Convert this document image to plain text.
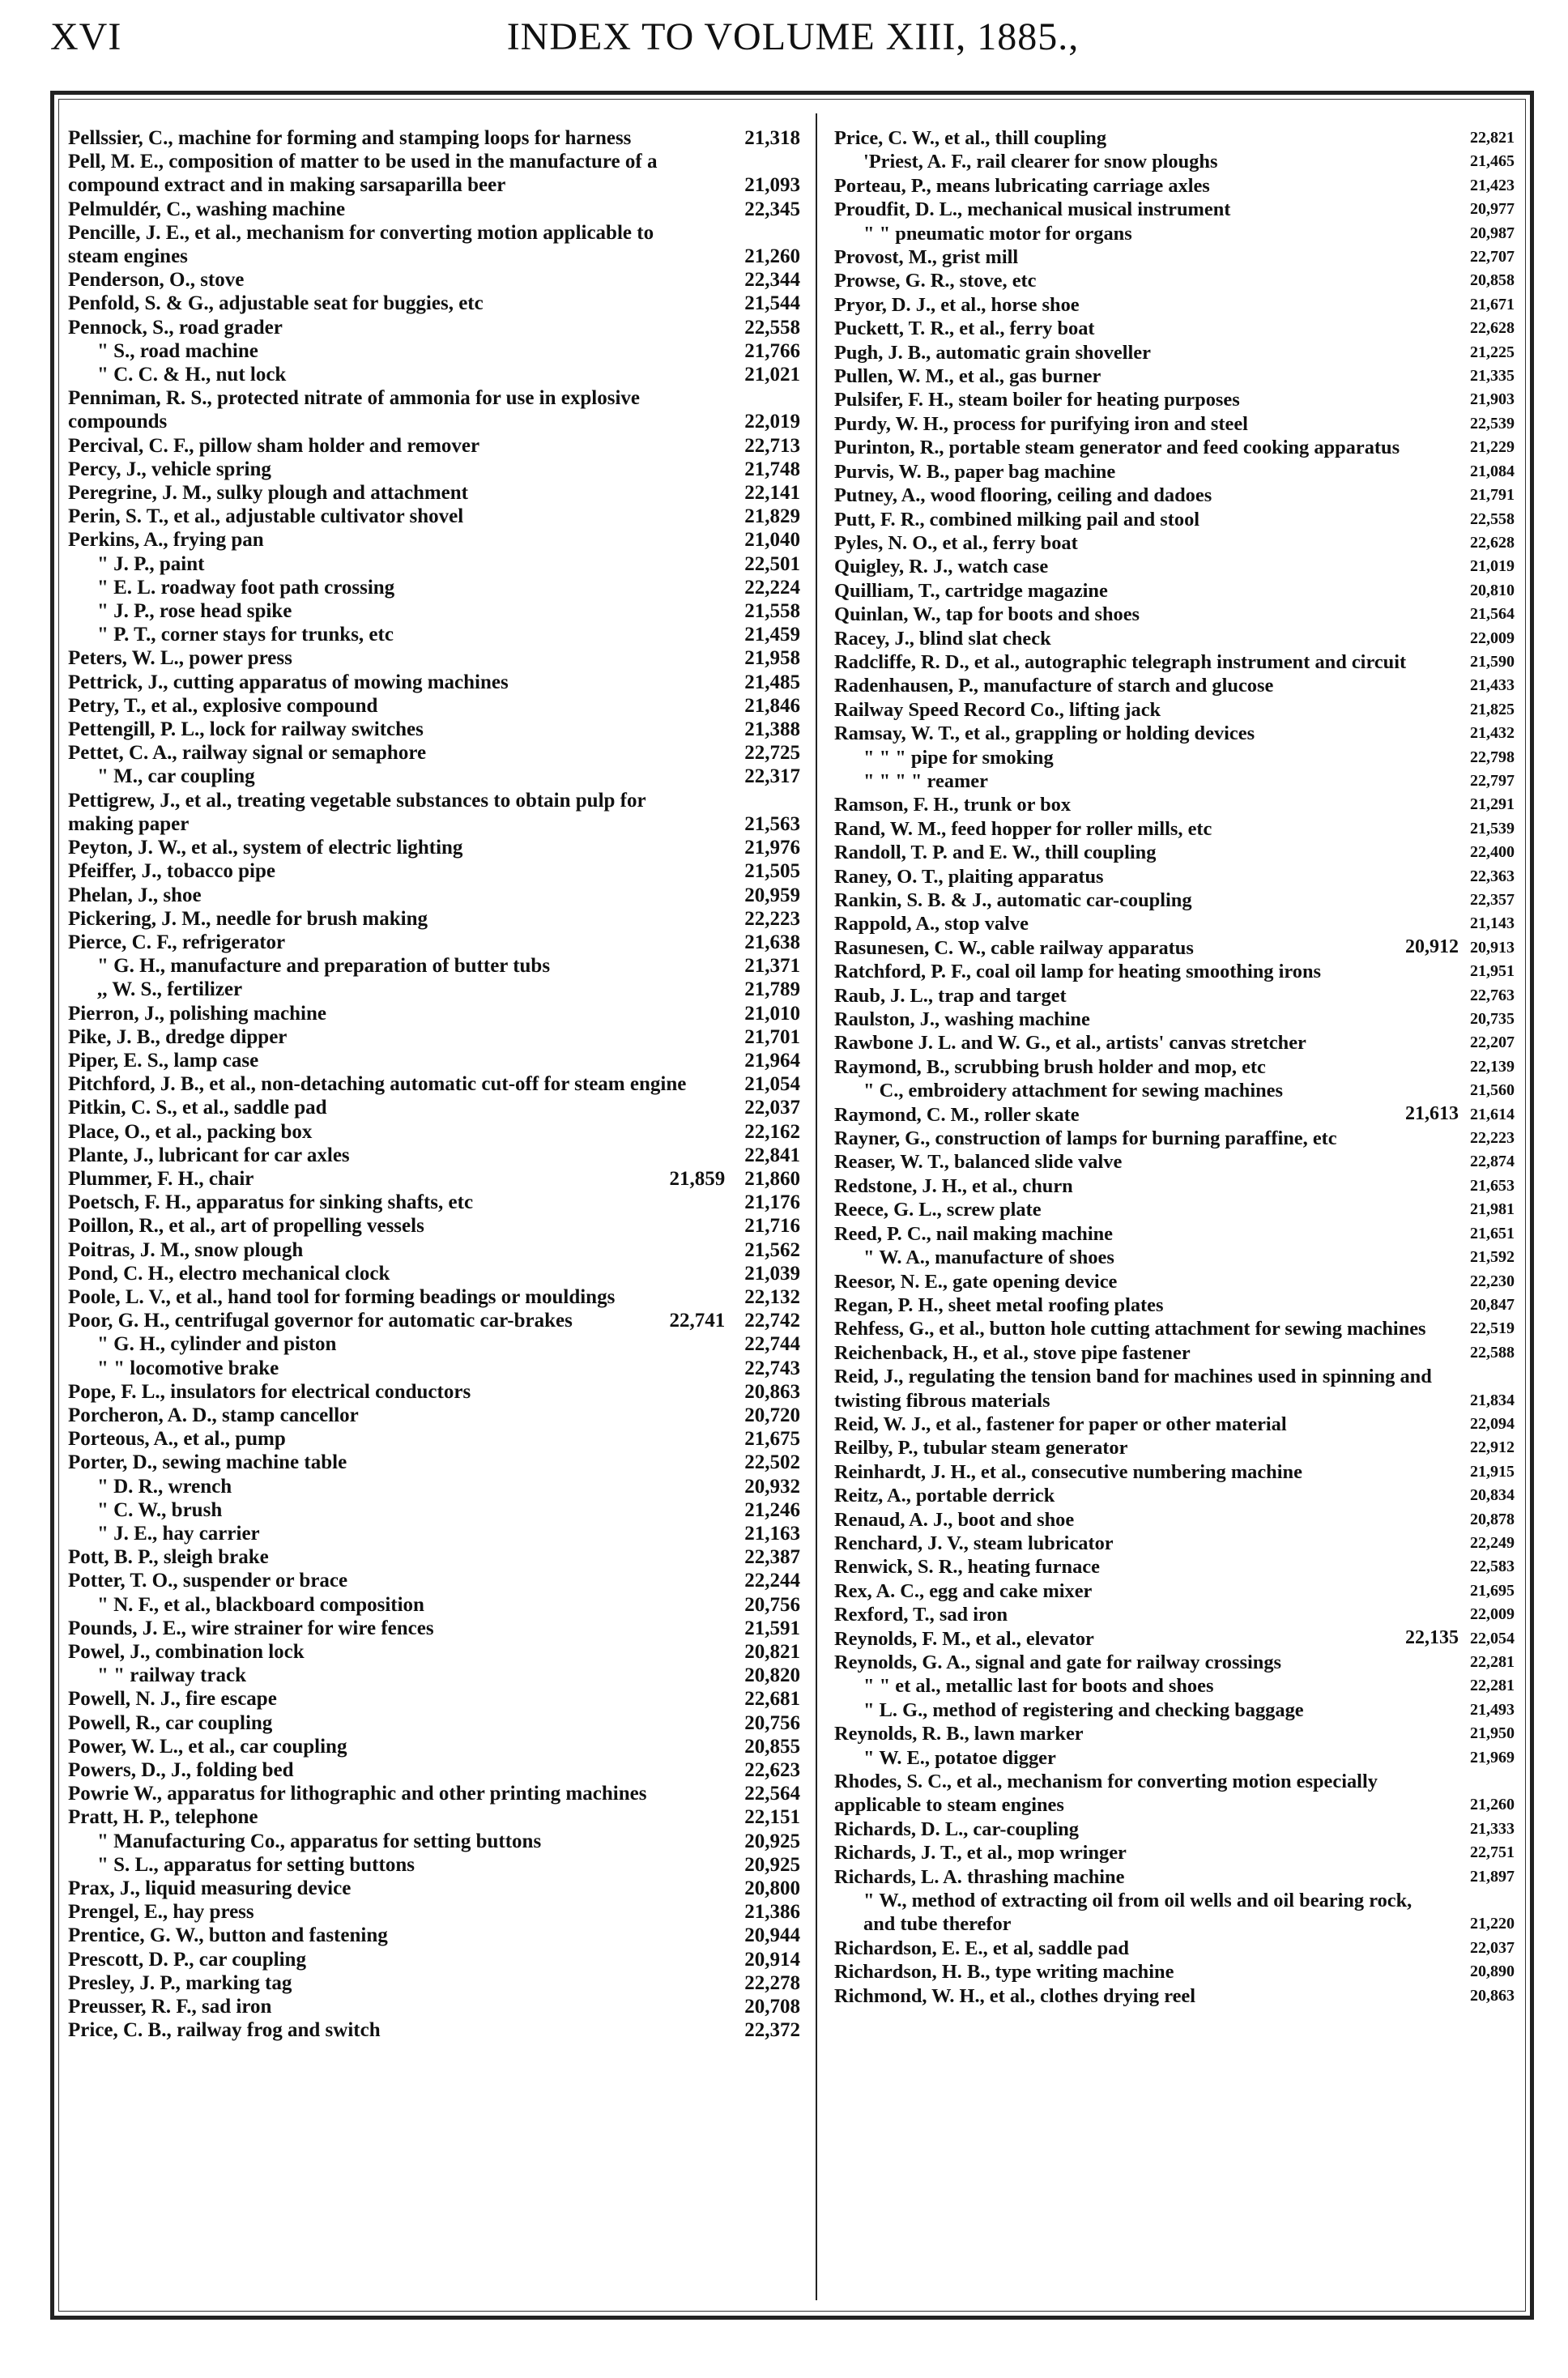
XVI	INDEX TO VOLUME XIII, 1885.,
Pellssier, C., machine for forming and stamping loops for harness	21,318
Pell, M. E., composition of matter to be used in the manufacture of a compound extract and in making sarsaparilla beer	21,093
Pelmuldér, C., washing machine	22,345
Pencille, J. E., et al., mechanism for converting motion applicable to steam engines	21,260
Penderson, O., stove	22,344
Penfold, S. & G., adjustable seat for buggies, etc	21,544
Pennock, S., road grader	22,558
" S., road machine	21,766
" C. C. & H., nut lock	21,021
Penniman, R. S., protected nitrate of ammonia for use in explosive compounds	22,019
Percival, C. F., pillow sham holder and remover	22,713
Percy, J., vehicle spring	21,748
Peregrine, J. M., sulky plough and attachment	22,141
Perin, S. T., et al., adjustable cultivator shovel	21,829
Perkins, A., frying pan	21,040
" J. P., paint	22,501
" E. L. roadway foot path crossing	22,224
" J. P., rose head spike	21,558
" P. T., corner stays for trunks, etc	21,459
Peters, W. L., power press	21,958
Pettrick, J., cutting apparatus of mowing machines	21,485
Petry, T., et al., explosive compound	21,846
Pettengill, P. L., lock for railway switches	21,388
Pettet, C. A., railway signal or semaphore	22,725
" M., car coupling	22,317
Pettigrew, J., et al., treating vegetable substances to obtain pulp for making paper	21,563
Peyton, J. W., et al., system of electric lighting	21,976
Pfeiffer, J., tobacco pipe	21,505
Phelan, J., shoe	20,959
Pickering, J. M., needle for brush making	22,223
Pierce, C. F., refrigerator	21,638
" G. H., manufacture and preparation of butter tubs	21,371
,, W. S., fertilizer	21,789
Pierron, J., polishing machine	21,010
Pike, J. B., dredge dipper	21,701
Piper, E. S., lamp case	21,964
Pitchford, J. B., et al., non-detaching automatic cut-off for steam engine	21,054
Pitkin, C. S., et al., saddle pad	22,037
Place, O., et al., packing box	22,162
Plante, J., lubricant for car axles	22,841
Plummer, F. H., chair	21,859 21,860
Poetsch, F. H., apparatus for sinking shafts, etc	21,176
Poillon, R., et al., art of propelling vessels	21,716
Poitras, J. M., snow plough	21,562
Pond, C. H., electro mechanical clock	21,039
Poole, L. V., et al., hand tool for forming beadings or mouldings	22,132
Poor, G. H., centrifugal governor for automatic car-brakes	22,741 22,742
" G. H., cylinder and piston	22,744
" " locomotive brake	22,743
Pope, F. L., insulators for electrical conductors	20,863
Porcheron, A. D., stamp cancellor	20,720
Porteous, A., et al., pump	21,675
Porter, D., sewing machine table	22,502
" D. R., wrench	20,932
" C. W., brush	21,246
" J. E., hay carrier	21,163
Pott, B. P., sleigh brake	22,387
Potter, T. O., suspender or brace	22,244
" N. F., et al., blackboard composition	20,756
Pounds, J. E., wire strainer for wire fences	21,591
Powel, J., combination lock	20,821
" " railway track	20,820
Powell, N. J., fire escape	22,681
Powell, R., car coupling	20,756
Power, W. L., et al., car coupling	20,855
Powers, D., J., folding bed	22,623
Powrie W., apparatus for lithographic and other printing machines	22,564
Pratt, H. P., telephone	22,151
" Manufacturing Co., apparatus for setting buttons	20,925
" S. L., apparatus for setting buttons	20,925
Prax, J., liquid measuring device	20,800
Prengel, E., hay press	21,386
Prentice, G. W., button and fastening	20,944
Prescott, D. P., car coupling	20,914
Presley, J. P., marking tag	22,278
Preusser, R. F., sad iron	20,708
Price, C. B., railway frog and switch	22,372
Price, C. W., et al., thill coupling	22,821
'Priest, A. F., rail clearer for snow ploughs	21,465
Porteau, P., means lubricating carriage axles	21,423
Proudfit, D. L., mechanical musical instrument	20,977
" " pneumatic motor for organs	20,987
Provost, M., grist mill	22,707
Prowse, G. R., stove, etc	20,858
Pryor, D. J., et al., horse shoe	21,671
Puckett, T. R., et al., ferry boat	22,628
Pugh, J. B., automatic grain shoveller	21,225
Pullen, W. M., et al., gas burner	21,335
Pulsifer, F. H., steam boiler for heating purposes	21,903
Purdy, W. H., process for purifying iron and steel	22,539
Purinton, R., portable steam generator and feed cooking apparatus	21,229
Purvis, W. B., paper bag machine	21,084
Putney, A., wood flooring, ceiling and dadoes	21,791
Putt, F. R., combined milking pail and stool	22,558
Pyles, N. O., et al., ferry boat	22,628
Quigley, R. J., watch case	21,019
Quilliam, T., cartridge magazine	20,810
Quinlan, W., tap for boots and shoes	21,564
Racey, J., blind slat check	22,009
Radcliffe, R. D., et al., autographic telegraph instrument and circuit	21,590
Radenhausen, P., manufacture of starch and glucose	21,433
Railway Speed Record Co., lifting jack	21,825
Ramsay, W. T., et al., grappling or holding devices	21,432
" " " pipe for smoking	22,798
" " " " reamer	22,797
Ramson, F. H., trunk or box	21,291
Rand, W. M., feed hopper for roller mills, etc	21,539
Randoll, T. P. and E. W., thill coupling	22,400
Raney, O. T., plaiting apparatus	22,363
Rankin, S. B. & J., automatic car-coupling	22,357
Rappold, A., stop valve	21,143
Rasunesen, C. W., cable railway apparatus	20,912 20,913
Ratchford, P. F., coal oil lamp for heating smoothing irons	21,951
Raub, J. L., trap and target	22,763
Raulston, J., washing machine	20,735
Rawbone J. L. and W. G., et al., artists' canvas stretcher	22,207
Raymond, B., scrubbing brush holder and mop, etc	22,139
" C., embroidery attachment for sewing machines	21,560
Raymond, C. M., roller skate	21,613 21,614
Rayner, G., construction of lamps for burning paraffine, etc	22,223
Reaser, W. T., balanced slide valve	22,874
Redstone, J. H., et al., churn	21,653
Reece, G. L., screw plate	21,981
Reed, P. C., nail making machine	21,651
" W. A., manufacture of shoes	21,592
Reesor, N. E., gate opening device	22,230
Regan, P. H., sheet metal roofing plates	20,847
Rehfess, G., et al., button hole cutting attachment for sewing machines	22,519
Reichenback, H., et al., stove pipe fastener	22,588
Reid, J., regulating the tension band for machines used in spinning and twisting fibrous materials	21,834
Reid, W. J., et al., fastener for paper or other material	22,094
Reilby, P., tubular steam generator	22,912
Reinhardt, J. H., et al., consecutive numbering machine	21,915
Reitz, A., portable derrick	20,834
Renaud, A. J., boot and shoe	20,878
Renchard, J. V., steam lubricator	22,249
Renwick, S. R., heating furnace	22,583
Rex, A. C., egg and cake mixer	21,695
Rexford, T., sad iron	22,009
Reynolds, F. M., et al., elevator	22,135 22,054
Reynolds, G. A., signal and gate for railway crossings	22,281
" " et al., metallic last for boots and shoes	22,281
" L. G., method of registering and checking baggage	21,493
Reynolds, R. B., lawn marker	21,950
" W. E., potatoe digger	21,969
Rhodes, S. C., et al., mechanism for converting motion especially applicable to steam engines	21,260
Richards, D. L., car-coupling	21,333
Richards, J. T., et al., mop wringer	22,751
Richards, L. A. thrashing machine	21,897
" W., method of extracting oil from oil wells and oil bearing rock, and tube therefor	21,220
Richardson, E. E., et al, saddle pad	22,037
Richardson, H. B., type writing machine	20,890
Richmond, W. H., et al., clothes drying reel	20,863
